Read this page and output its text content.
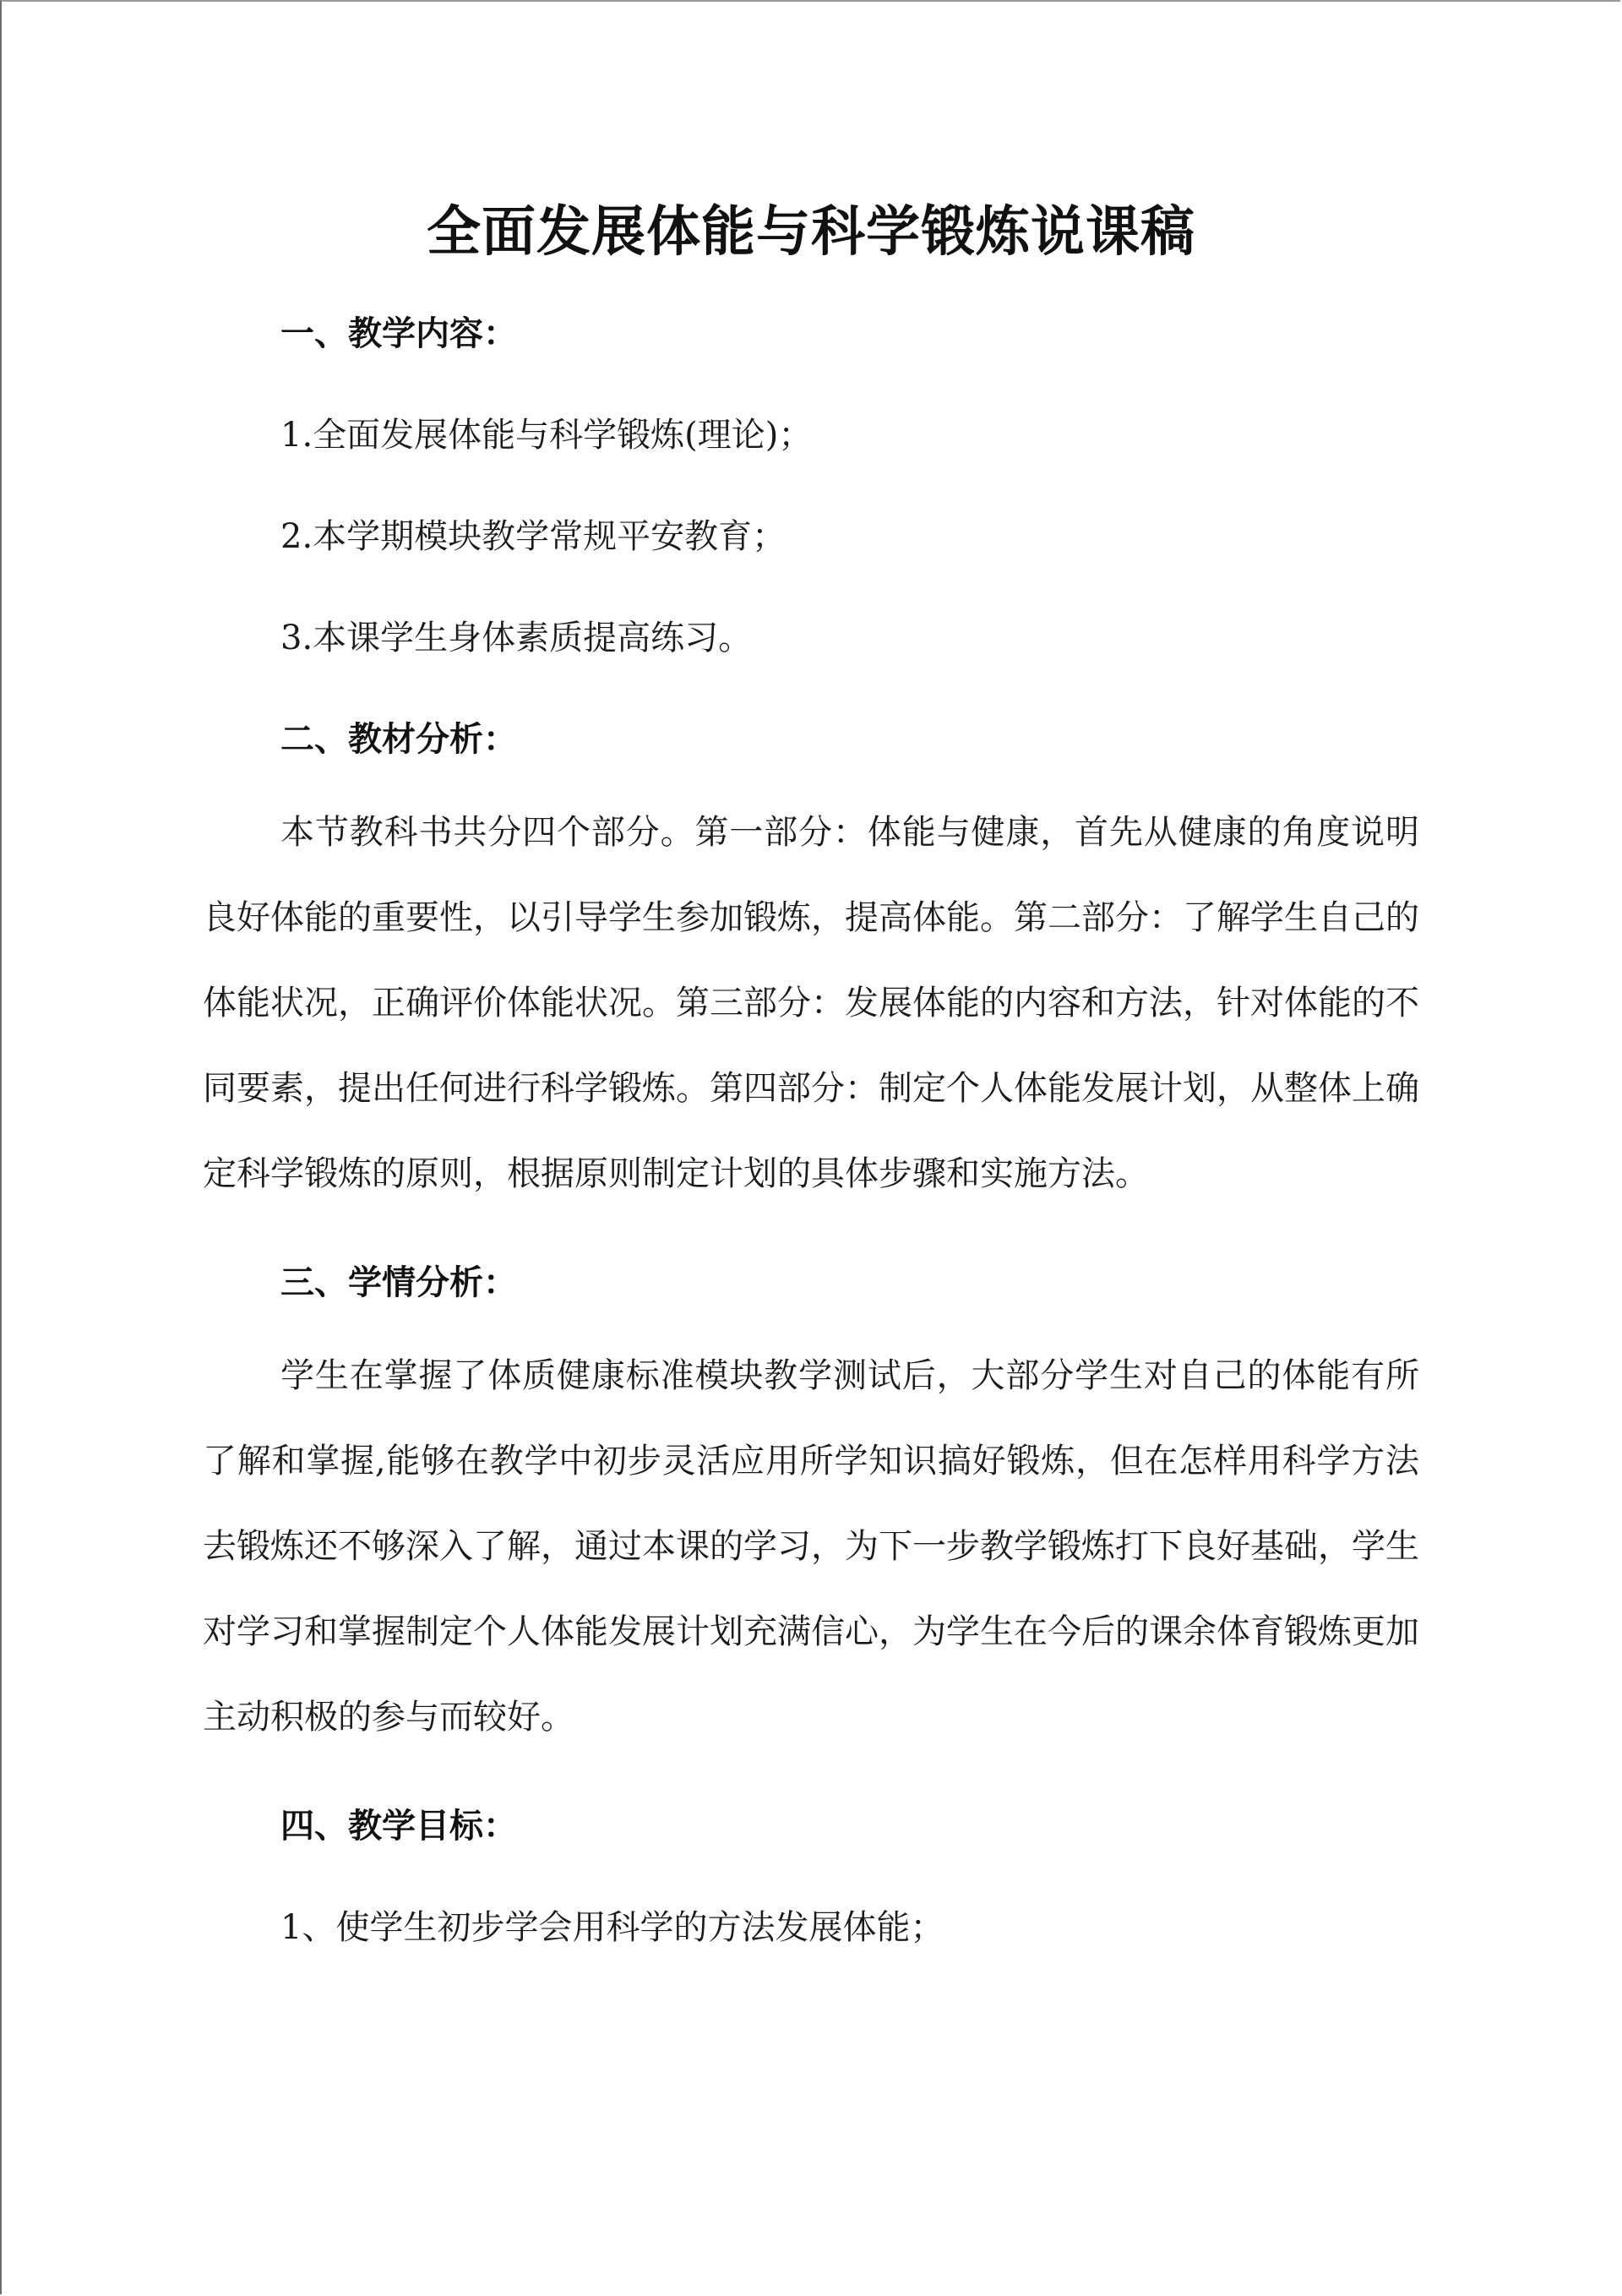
全面发展体能与科学锻炼说课稿
一、教学内容：
1.全面发展体能与科学锻炼(理论)；
2.本学期模块教学常规平安教育；
3.本课学生身体素质提高练习。
二、教材分析：

本节教科书共分四个部分。第一部分：体能与健康，首先从健康的角度说明良好体能的重要性，以引导学生参加锻炼，提高体能。第二部分：了解学生自己的体能状况，正确评价体能状况。第三部分：发展体能的内容和方法，针对体能的不同要素，提出任何进行科学锻炼。第四部分：制定个人体能发展计划，从整体上确定科学锻炼的原则，根据原则制定计划的具体步骤和实施方法。

三、学情分析：

学生在掌握了体质健康标准模块教学测试后，大部分学生对自己的体能有所了解和掌握,能够在教学中初步灵活应用所学知识搞好锻炼，但在怎样用科学方法去锻炼还不够深入了解，通过本课的学习，为下一步教学锻炼打下良好基础，学生对学习和掌握制定个人体能发展计划充满信心，为学生在今后的课余体育锻炼更加主动积极的参与而较好。

四、教学目标：
1、使学生初步学会用科学的方法发展体能；
